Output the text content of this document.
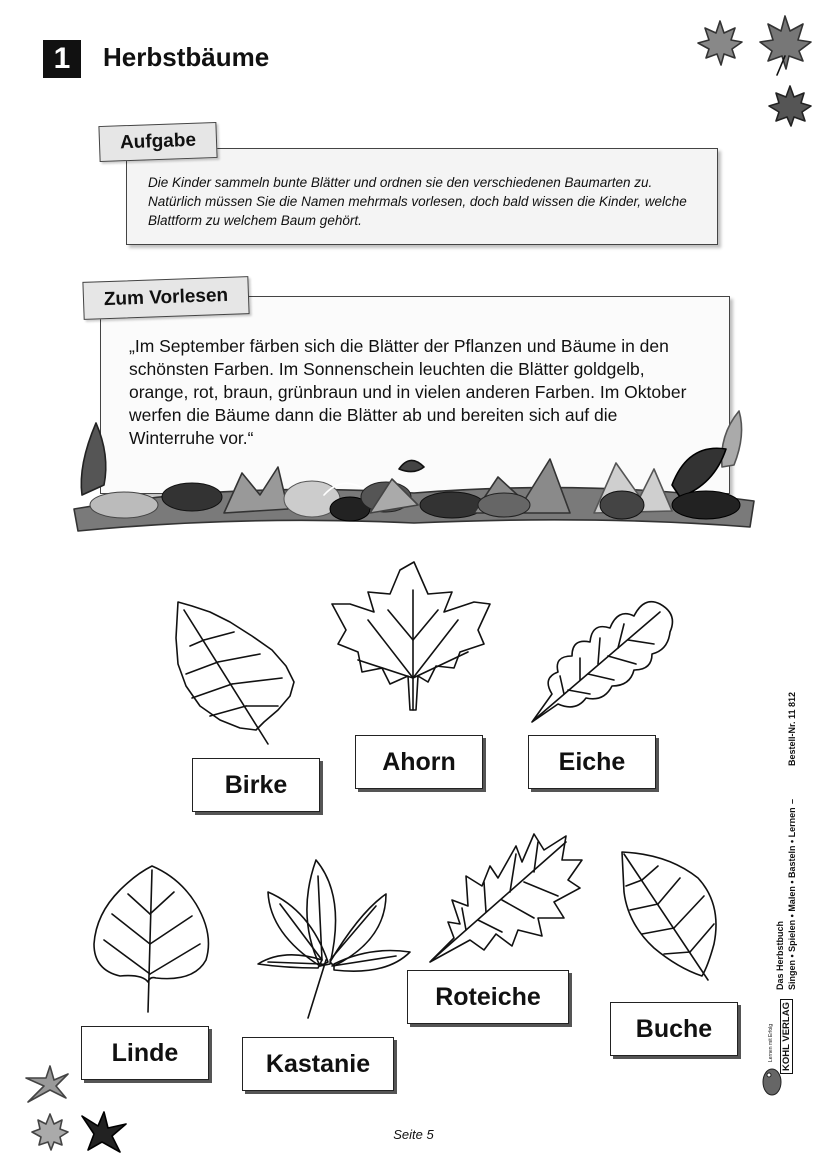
1	Herbstbäume
Die Kinder sammeln bunte Blätter und ordnen sie den verschiedenen Baumarten zu. Natürlich müssen Sie die Namen mehrmals vorlesen, doch bald wissen die Kinder, welche Blattform zu welchem Baum gehört.
Aufgabe
„Im September färben sich die Blätter der Pflanzen und Bäume in den schönsten Farben. Im Sonnenschein leuchten die Blätter goldgelb, orange, rot, braun, grünbraun und in vielen anderen Farben. Im Oktober werfen die Bäume dann die Blätter ab und bereiten sich auf die Winterruhe vor.“
Zum Vorlesen
Birke
Ahorn	Eiche
Linde	Kastanie
Roteiche
Buche
Bestell-Nr. 11 812
–
Singen • Spielen • Malen • Basteln • Lernen
Das Herbstbuch
KOHL VERLAG
Lernen mit Erfolg
Seite 5
